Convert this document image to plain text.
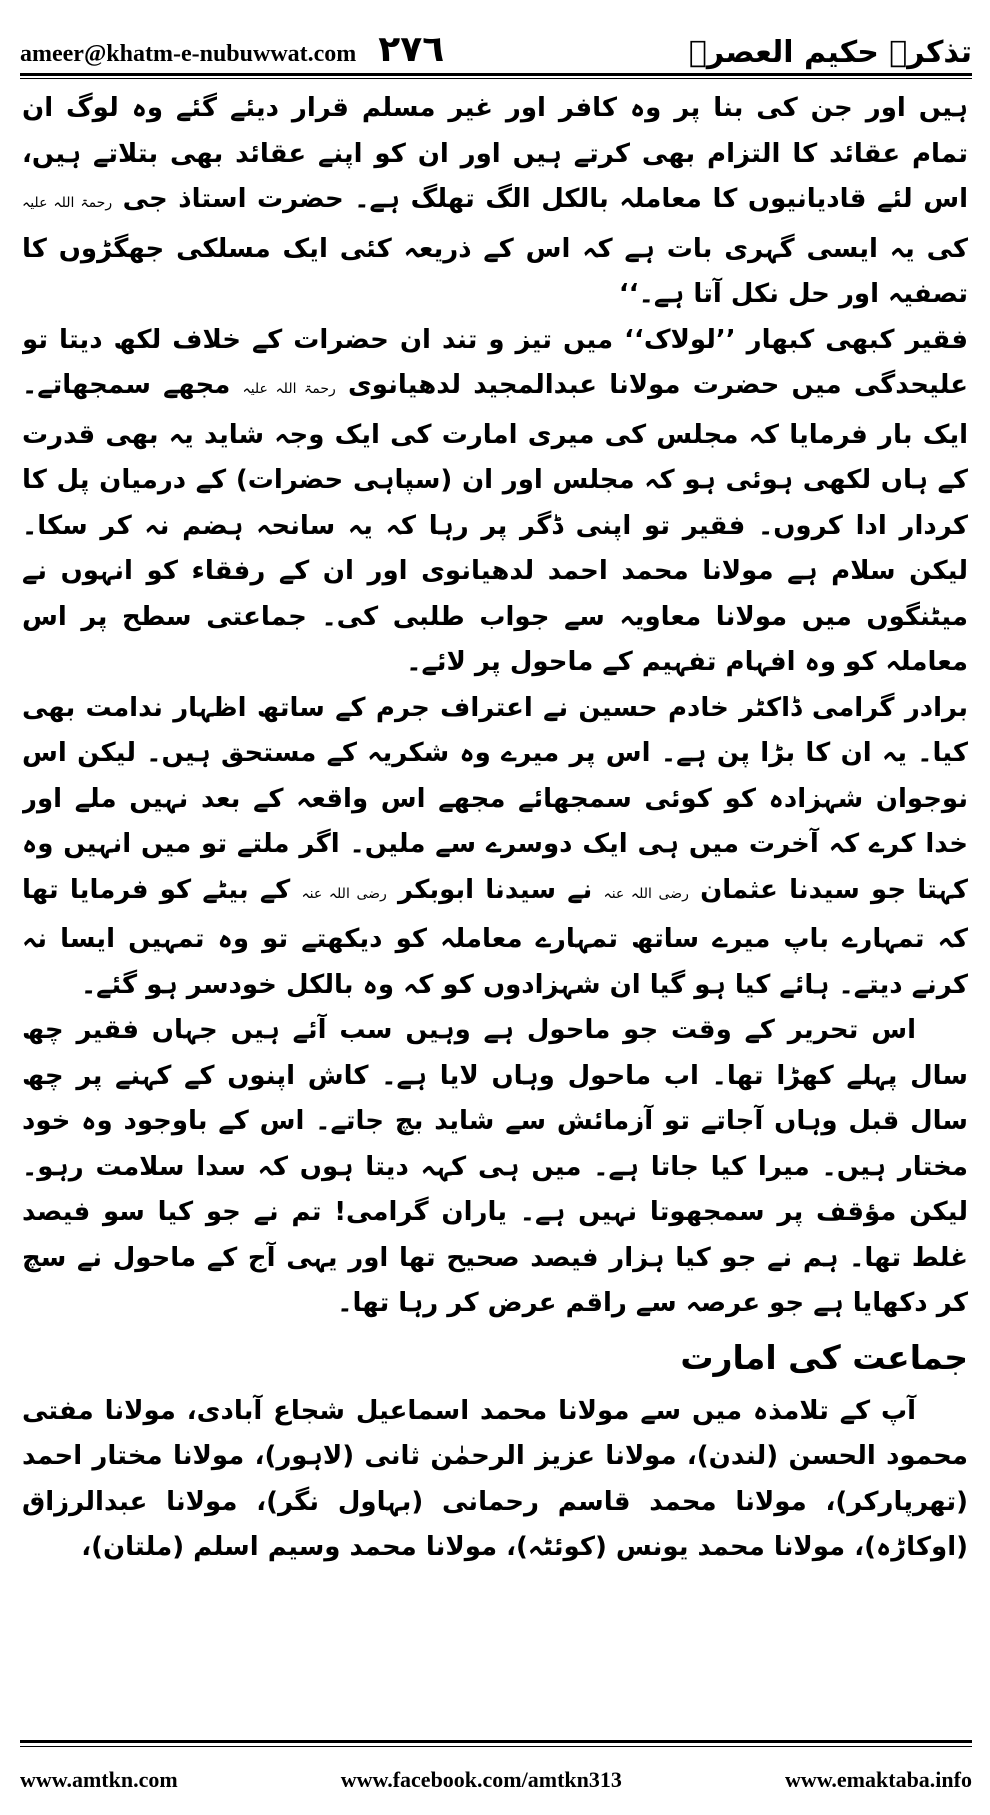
ameer@khatm-e-nubuwwat.com ۲۷٦	تذکرہ حکیم العصرؒ

ہیں اور جن کی بنا پر وہ کافر اور غیر مسلم قرار دیئے گئے وہ لوگ ان تمام عقائد کا التزام بھی کرتے ہیں اور ان کو اپنے عقائد بھی بتلاتے ہیں، اس لئے قادیانیوں کا معاملہ بالکل الگ تھلگ ہے۔ حضرت استاذ جی رحمۃ اللہ علیہ کی یہ ایسی گہری بات ہے کہ اس کے ذریعہ کئی ایک مسلکی جھگڑوں کا تصفیہ اور حل نکل آتا ہے۔‘‘

فقیر کبھی کبھار ’’لولاک‘‘ میں تیز و تند ان حضرات کے خلاف لکھ دیتا تو علیحدگی میں حضرت مولانا عبدالمجید لدھیانوی رحمۃ اللہ علیہ مجھے سمجھاتے۔ ایک بار فرمایا کہ مجلس کی میری امارت کی ایک وجہ شاید یہ بھی قدرت کے ہاں لکھی ہوئی ہو کہ مجلس اور ان (سپاہی حضرات) کے درمیان پل کا کردار ادا کروں۔ فقیر تو اپنی ڈگر پر رہا کہ یہ سانحہ ہضم نہ کر سکا۔ لیکن سلام ہے مولانا محمد احمد لدھیانوی اور ان کے رفقاء کو انہوں نے میٹنگوں میں مولانا معاویہ سے جواب طلبی کی۔ جماعتی سطح پر اس معاملہ کو وہ افہام تفہیم کے ماحول پر لائے۔

برادر گرامی ڈاکٹر خادم حسین نے اعتراف جرم کے ساتھ اظہار ندامت بھی کیا۔ یہ ان کا بڑا پن ہے۔ اس پر میرے وہ شکریہ کے مستحق ہیں۔ لیکن اس نوجوان شہزادہ کو کوئی سمجھائے مجھے اس واقعہ کے بعد نہیں ملے اور خدا کرے کہ آخرت میں ہی ایک دوسرے سے ملیں۔ اگر ملتے تو میں انہیں وہ کہتا جو سیدنا عثمان رضی اللہ عنہ نے سیدنا ابوبکر رضی اللہ عنہ کے بیٹے کو فرمایا تھا کہ تمہارے باپ میرے ساتھ تمہارے معاملہ کو دیکھتے تو وہ تمہیں ایسا نہ کرنے دیتے۔ ہائے کیا ہو گیا ان شہزادوں کو کہ وہ بالکل خودسر ہو گئے۔

اس تحریر کے وقت جو ماحول ہے وہیں سب آئے ہیں جہاں فقیر چھ سال پہلے کھڑا تھا۔ اب ماحول وہاں لایا ہے۔ کاش اپنوں کے کہنے پر چھ سال قبل وہاں آجاتے تو آزمائش سے شاید بچ جاتے۔ اس کے باوجود وہ خود مختار ہیں۔ میرا کیا جاتا ہے۔ میں ہی کہہ دیتا ہوں کہ سدا سلامت رہو۔ لیکن مؤقف پر سمجھوتا نہیں ہے۔ یاران گرامی! تم نے جو کیا سو فیصد غلط تھا۔ ہم نے جو کیا ہزار فیصد صحیح تھا اور یہی آج کے ماحول نے سچ کر دکھایا ہے جو عرصہ سے راقم عرض کر رہا تھا۔

جماعت کی امارت

آپ کے تلامذہ میں سے مولانا محمد اسماعیل شجاع آبادی، مولانا مفتی محمود الحسن (لندن)، مولانا عزیز الرحمٰن ثانی (لاہور)، مولانا مختار احمد (تھرپارکر)، مولانا محمد قاسم رحمانی (بہاول نگر)، مولانا عبدالرزاق (اوکاڑہ)، مولانا محمد یونس (کوئٹہ)، مولانا محمد وسیم اسلم (ملتان)،

www.amtkn.com	www.facebook.com/amtkn313	www.emaktaba.info
